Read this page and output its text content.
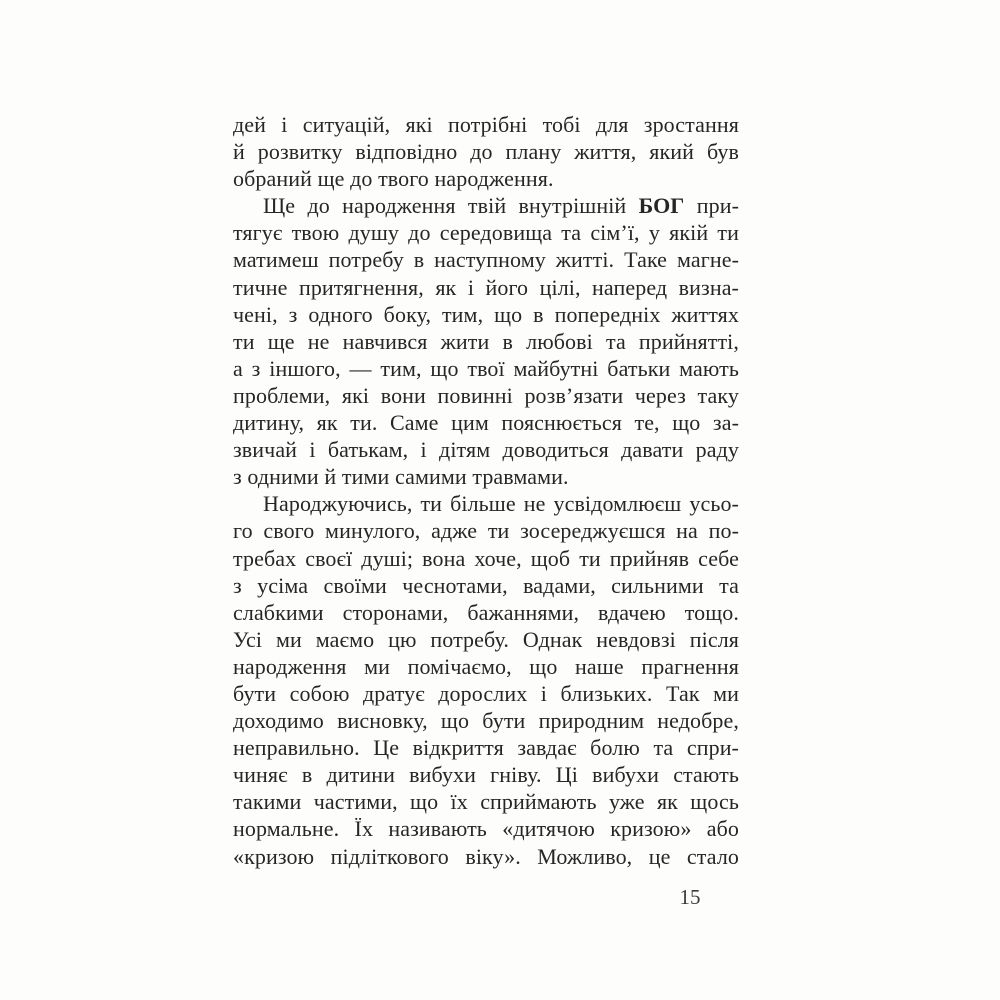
дей і ситуацій, які потрібні тобі для зростання
й розвитку відповідно до плану життя, який був
обраний ще до твого народження.
Ще до народження твій внутрішній БОГ при-
тягує твою душу до середовища та сім’ї, у якій ти
матимеш потребу в наступному житті. Таке магне-
тичне притягнення, як і його цілі, наперед визна-
чені, з одного боку, тим, що в попередніх життях
ти ще не навчився жити в любові та прийнятті,
а з іншого, — тим, що твої майбутні батьки мають
проблеми, які вони повинні розв’язати через таку
дитину, як ти. Саме цим пояснюється те, що за-
звичай і батькам, і дітям доводиться давати раду
з одними й тими самими травмами.
Народжуючись, ти більше не усвідомлюєш усьо-
го свого минулого, адже ти зосереджуєшся на по-
требах своєї душі; вона хоче, щоб ти прийняв себе
з усіма своїми чеснотами, вадами, сильними та
слабкими сторонами, бажаннями, вдачею тощо.
Усі ми маємо цю потребу. Однак невдовзі після
народження ми помічаємо, що наше прагнення
бути собою дратує дорослих і близьких. Так ми
доходимо висновку, що бути природним недобре,
неправильно. Це відкриття завдає болю та спри-
чиняє в дитини вибухи гніву. Ці вибухи стають
такими частими, що їх сприймають уже як щось
нормальне. Їх називають «дитячою кризою» або
«кризою підліткового віку». Можливо, це стало
15
